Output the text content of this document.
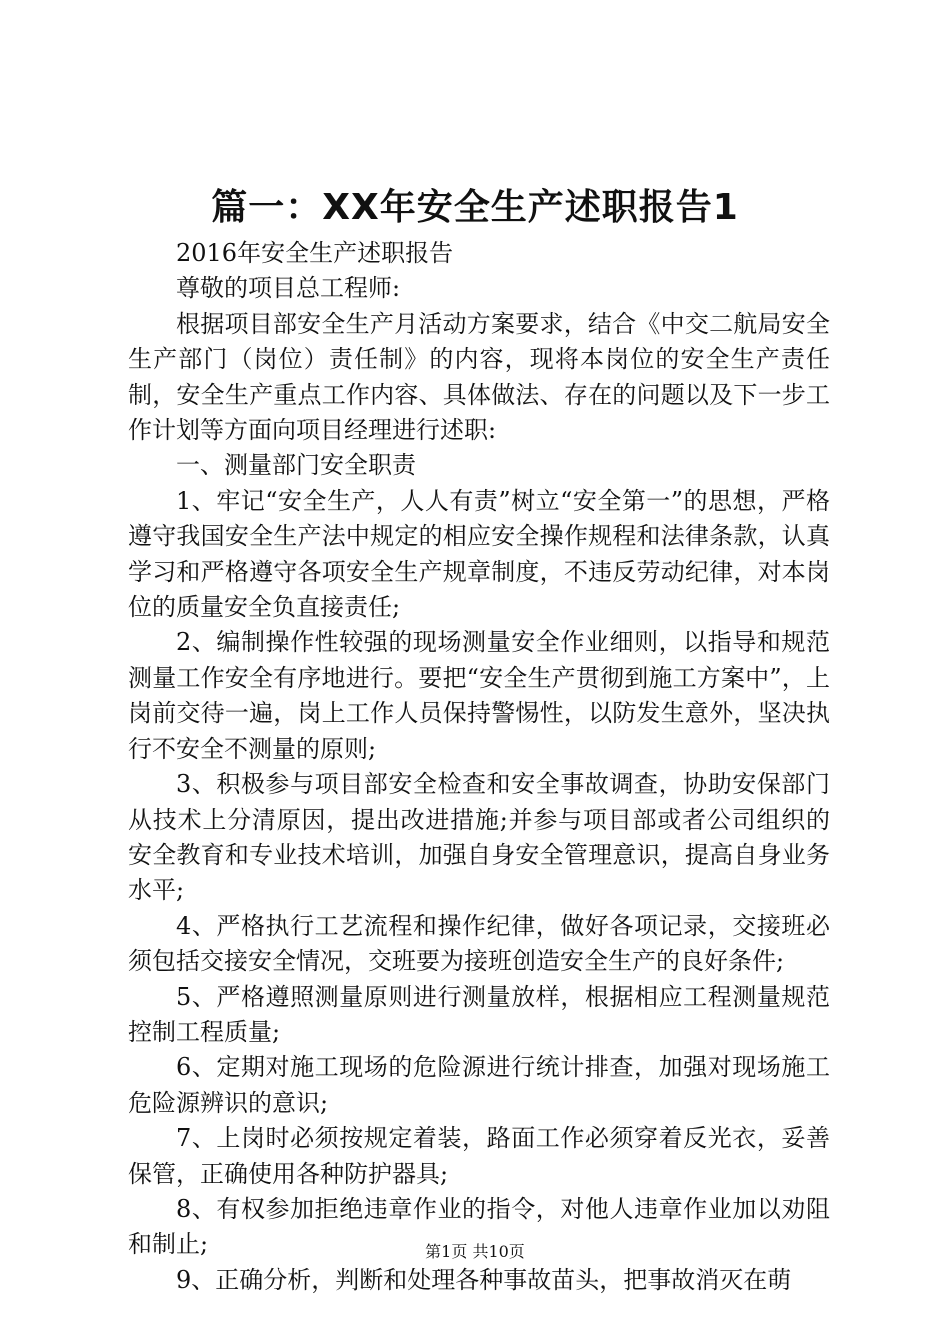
篇一：XX年安全生产述职报告1

2016年安全生产述职报告

尊敬的项目总工程师:

根据项目部安全生产月活动方案要求，结合《中交二航局安全生产部门（岗位）责任制》的内容，现将本岗位的安全生产责任制，安全生产重点工作内容、具体做法、存在的问题以及下一步工作计划等方面向项目经理进行述职:

一、测量部门安全职责

1、牢记“安全生产，人人有责”树立“安全第一”的思想，严格遵守我国安全生产法中规定的相应安全操作规程和法律条款，认真学习和严格遵守各项安全生产规章制度，不违反劳动纪律，对本岗位的质量安全负直接责任;

2、编制操作性较强的现场测量安全作业细则，以指导和规范测量工作安全有序地进行。要把“安全生产贯彻到施工方案中”，上岗前交待一遍，岗上工作人员保持警惕性，以防发生意外，坚决执行不安全不测量的原则;

3、积极参与项目部安全检查和安全事故调查，协助安保部门从技术上分清原因，提出改进措施;并参与项目部或者公司组织的安全教育和专业技术培训，加强自身安全管理意识，提高自身业务水平;

4、严格执行工艺流程和操作纪律，做好各项记录，交接班必须包括交接安全情况，交班要为接班创造安全生产的良好条件;

5、严格遵照测量原则进行测量放样，根据相应工程测量规范控制工程质量;

6、定期对施工现场的危险源进行统计排查，加强对现场施工危险源辨识的意识;

7、上岗时必须按规定着装，路面工作必须穿着反光衣，妥善保管，正确使用各种防护器具;

8、有权参加拒绝违章作业的指令，对他人违章作业加以劝阻和制止;

9、正确分析，判断和处理各种事故苗头，把事故消灭在萌

第1页 共10页
